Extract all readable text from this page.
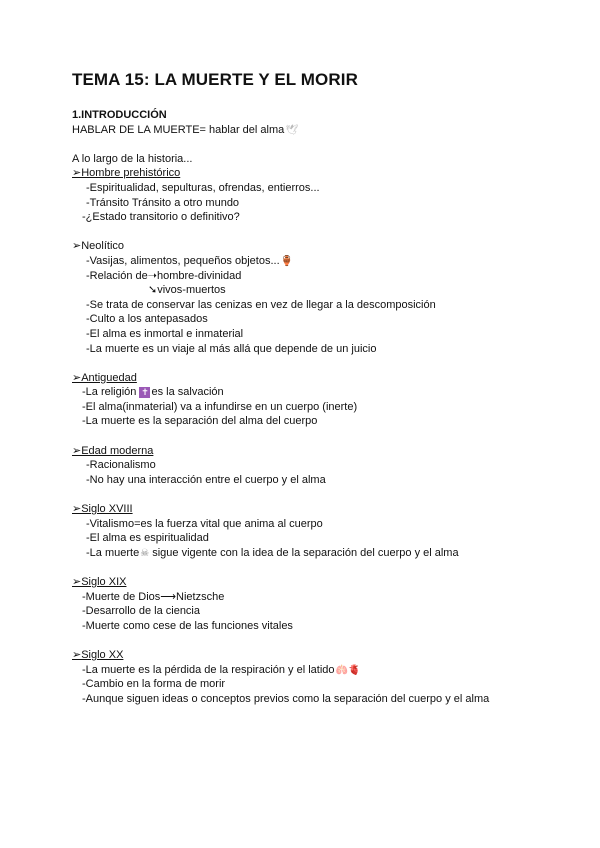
TEMA 15: LA MUERTE Y EL MORIR
1.INTRODUCCIÓN
HABLAR DE LA MUERTE= hablar del alma🕊
A lo largo de la historia...
➢Hombre prehistórico
-Espiritualidad, sepulturas, ofrendas, entierros...
-Tránsito Tránsito a otro mundo
-¿Estado transitorio o definitivo?
➢Neolítico
-Vasijas, alimentos, pequeños objetos...🏺
-Relación de➝hombre-divinidad
➘vivos-muertos
-Se trata de conservar las cenizas en vez de llegar a la descomposición
-Culto a los antepasados
-El alma es inmortal e inmaterial
-La muerte es un viaje al más allá que depende de un juicio
➢Antiguedad
-La religión ✝ es la salvación
-El alma(inmaterial) va a infundirse en un cuerpo (inerte)
-La muerte es la separación del alma del cuerpo
➢Edad moderna
-Racionalismo
-No hay una interacción entre el cuerpo y el alma
➢Siglo XVIII
-Vitalismo=es la fuerza vital que anima al cuerpo
-El alma es espiritualidad
-La muerte☠ sigue vigente con la idea de la separación del cuerpo y el alma
➢Siglo XIX
-Muerte de Dios⟶Nietzsche
-Desarrollo de la ciencia
-Muerte como cese de las funciones vitales
➢Siglo XX
-La muerte es la pérdida de la respiración y el latido🫁🫀
-Cambio en la forma de morir
-Aunque siguen ideas o conceptos previos como la separación del cuerpo y el alma
